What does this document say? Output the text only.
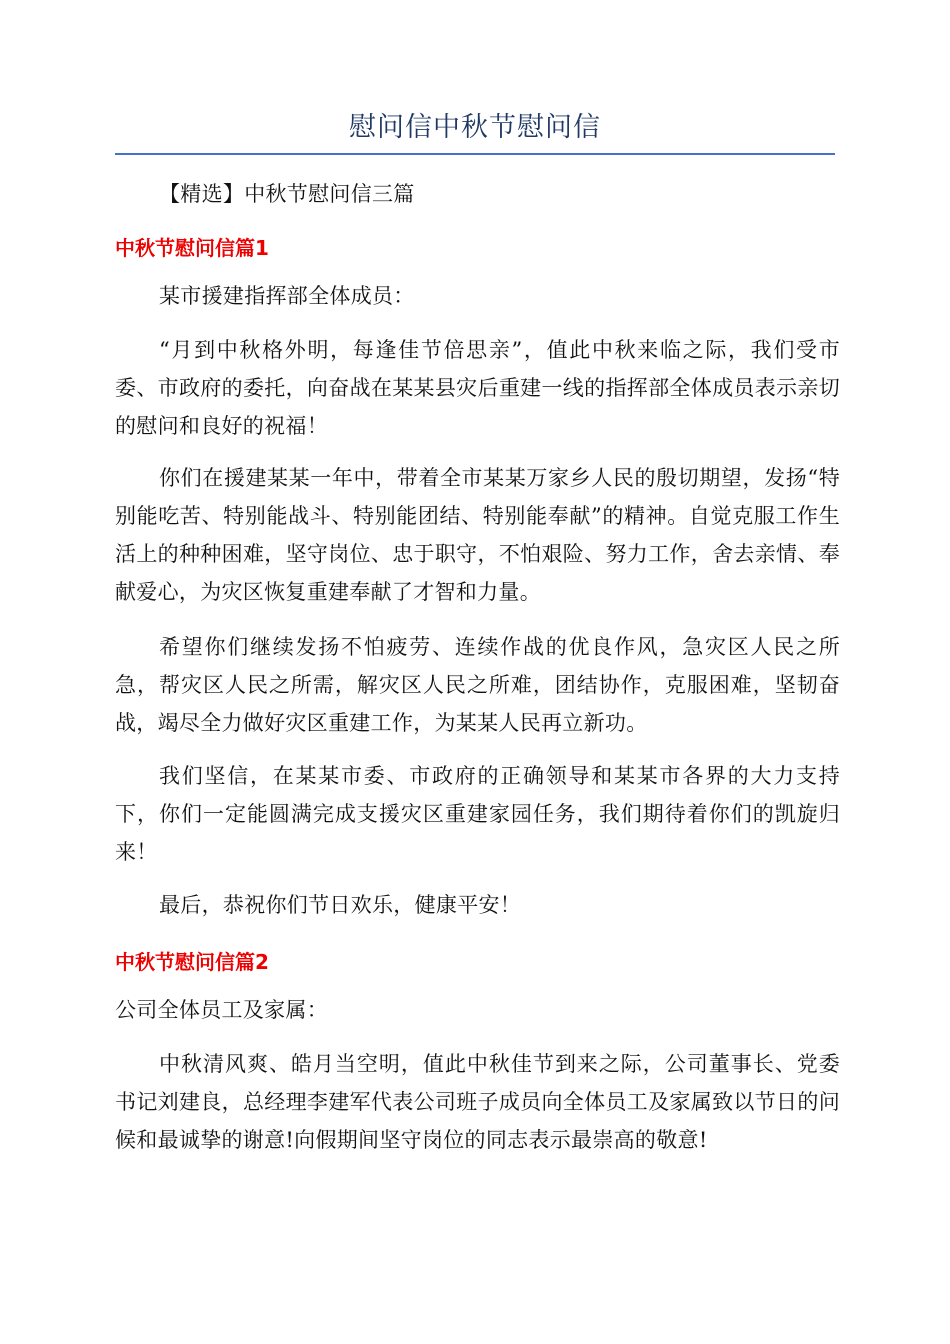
慰问信中秋节慰问信
【精选】中秋节慰问信三篇
中秋节慰问信篇1
某市援建指挥部全体成员：
“月到中秋格外明，每逢佳节倍思亲”，值此中秋来临之际，我们受市委、市政府的委托，向奋战在某某县灾后重建一线的指挥部全体成员表示亲切的慰问和良好的祝福！
你们在援建某某一年中，带着全市某某万家乡人民的殷切期望，发扬“特别能吃苦、特别能战斗、特别能团结、特别能奉献”的精神。自觉克服工作生活上的种种困难，坚守岗位、忠于职守，不怕艰险、努力工作，舍去亲情、奉献爱心，为灾区恢复重建奉献了才智和力量。
希望你们继续发扬不怕疲劳、连续作战的优良作风，急灾区人民之所急，帮灾区人民之所需，解灾区人民之所难，团结协作，克服困难，坚韧奋战，竭尽全力做好灾区重建工作，为某某人民再立新功。
我们坚信，在某某市委、市政府的正确领导和某某市各界的大力支持下，你们一定能圆满完成支援灾区重建家园任务，我们期待着你们的凯旋归来！
最后，恭祝你们节日欢乐，健康平安！
中秋节慰问信篇2
公司全体员工及家属：
中秋清风爽、皓月当空明，值此中秋佳节到来之际，公司董事长、党委书记刘建良，总经理李建军代表公司班子成员向全体员工及家属致以节日的问候和最诚挚的谢意!向假期间坚守岗位的同志表示最崇高的敬意!
